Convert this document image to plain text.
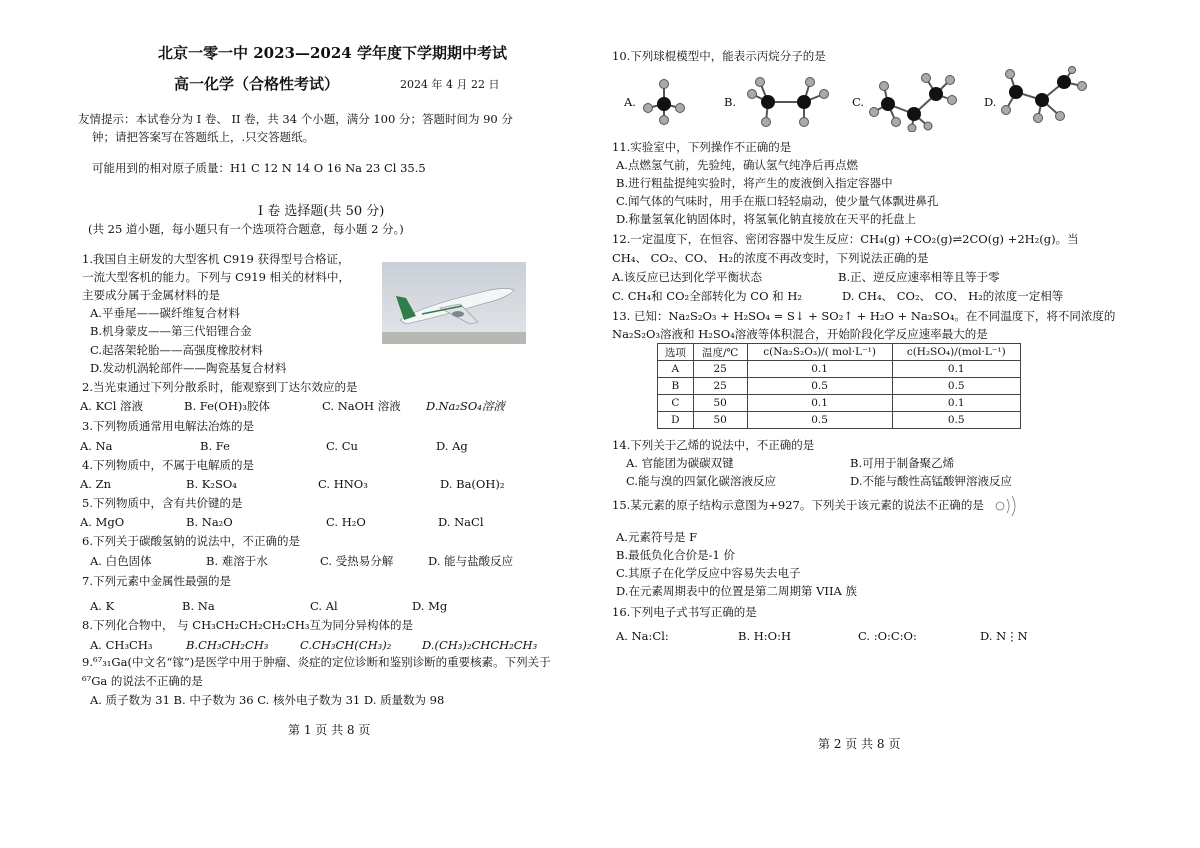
北京一零一中 2023—2024 学年度下学期期中考试
高一化学（合格性考试）	2024 年 4 月 22 日
友情提示：本试卷分为 I 卷、 II 卷，共 34 个小题，满分 100 分；答题时间为 90 分
钟；请把答案写在答题纸上，.只交答题纸。
可能用到的相对原子质量：H1 C 12 N 14 O 16 Na 23 Cl 35.5
I 卷 选择题(共 50 分)
(共 25 道小题，每小题只有一个选项符合题意，每小题 2 分。)
1.我国自主研发的大型客机 C919 获得型号合格证，
一流大型客机的能力。下列与 C919 相关的材料中，
主要成分属于金属材料的是
A.平垂尾——碳纤维复合材料
B.机身蒙皮——第三代铝锂合金
C.起落架轮胎——高强度橡胶材料
D.发动机涡轮部件——陶瓷基复合材料
2.当光束通过下列分散系时，能观察到丁达尔效应的是
A. KCl 溶液	B. Fe(OH)₃胶体	C. NaOH 溶液 D.Na₂SO₄溶液
3.下列物质通常用电解法冶炼的是
A. Na	B. Fe	C. Cu	D. Ag
4.下列物质中，不属于电解质的是
A. Zn	B. K₂SO₄	C. HNO₃	D. Ba(OH)₂
5.下列物质中，含有共价键的是
A. MgO	B. Na₂O	C. H₂O	D. NaCl
6.下列关于碳酸氢钠的说法中，不正确的是
A. 白色固体	B. 难溶于水	C. 受热易分解	D. 能与盐酸反应
7.下列元素中金属性最强的是
A. K	B. Na	C. Al	D. Mg
8.下列化合物中， 与 CH₃CH₂CH₂CH₂CH₃互为同分异构体的是
A. CH₃CH₃	B.CH₃CH₂CH₃	C.CH₃CH(CH₃)₂	D.(CH₃)₂CHCH₂CH₃
9.⁶⁷₃₁Ga(中文名“镓”)是医学中用于肿瘤、炎症的定位诊断和鉴别诊断的重要核素。下列关于
⁶⁷Ga 的说法不正确的是
A. 质子数为 31 B. 中子数为 36 C. 核外电子数为 31 D. 质量数为 98
第 1 页 共 8 页
10.下列球棍模型中，能表示丙烷分子的是
A.	B.	C.	D.
11.实验室中，下列操作不正确的是
A.点燃氢气前，先验纯，确认氢气纯净后再点燃
B.进行粗盐提纯实验时，将产生的废液倒入指定容器中
C.闻气体的气味时，用手在瓶口轻轻扇动，使少量气体飘进鼻孔
D.称量氢氧化钠固体时，将氢氧化钠直接放在天平的托盘上
12.一定温度下，在恒容、密闭容器中发生反应：CH₄(g) +CO₂(g)⇌2CO(g) +2H₂(g)。当
CH₄、 CO₂、CO、 H₂的浓度不再改变时，下列说法正确的是
A.该反应已达到化学平衡状态	B.正、逆反应速率相等且等于零
C. CH₄和 CO₂全部转化为 CO 和 H₂	D. CH₄、 CO₂、 CO、 H₂的浓度一定相等
13. 已知：Na₂S₂O₃ + H₂SO₄ = S↓ + SO₂↑ + H₂O + Na₂SO₄。在不同温度下，将不同浓度的
Na₂S₂O₃溶液和 H₂SO₄溶液等体积混合，开始阶段化学反应速率最大的是
选项	温度/℃	c(Na₂S₂O₃)/( mol·L⁻¹)	c(H₂SO₄)/(mol·L⁻¹)
A	25	0.1	0.1
B	25	0.5	0.5
C	50	0.1	0.1
D	50	0.5	0.5
14.下列关于乙烯的说法中，不正确的是
A. 官能团为碳碳双键	B.可用于制备聚乙烯
C.能与溴的四氯化碳溶液反应	D.不能与酸性高锰酸钾溶液反应
15.某元素的原子结构示意图为+927。下列关于该元素的说法不正确的是
A.元素符号是 F
B.最低负化合价是-1 价
C.其原子在化学反应中容易失去电子
D.在元素周期表中的位置是第二周期第 VIIA 族
16.下列电子式书写正确的是
A. Na:Cl:	B. H:O:H	C. :O:C:O:	D. N⋮N
第 2 页 共 8 页
